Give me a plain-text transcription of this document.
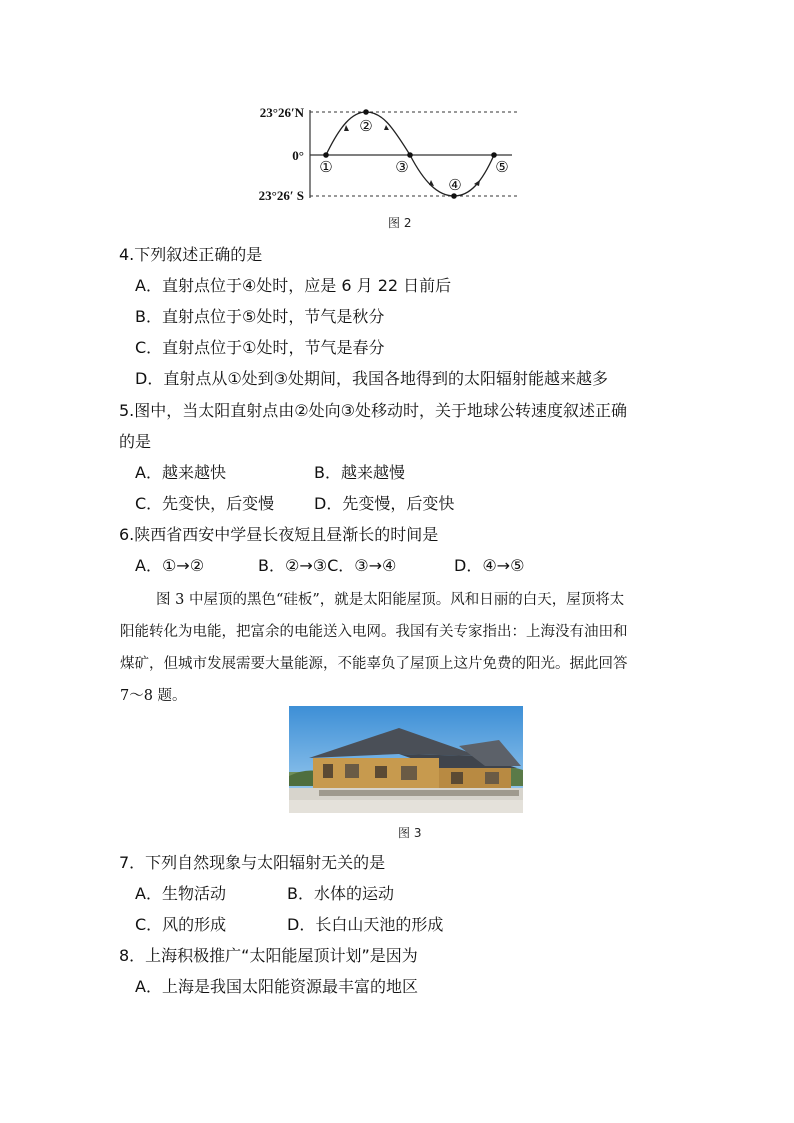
23°26′N
0°
23°26′ S
①
②
③
④
⑤
图 2
4.下列叙述正确的是
A．直射点位于④处时，应是 6 月 22 日前后
B．直射点位于⑤处时，节气是秋分
C．直射点位于①处时，节气是春分
D．直射点从①处到③处期间，我国各地得到的太阳辐射能越来越多
5.图中，当太阳直射点由②处向③处移动时，关于地球公转速度叙述正确
的是
A．越来越快	B．越来越慢
C．先变快，后变慢 D．先变慢，后变快
6.陕西省西安中学昼长夜短且昼渐长的时间是
A．①→②	B．②→③C．③→④	D．④→⑤
图 3 中屋顶的黑色“硅板”，就是太阳能屋顶。风和日丽的白天，屋顶将太
阳能转化为电能，把富余的电能送入电网。我国有关专家指出：上海没有油田和
煤矿，但城市发展需要大量能源，不能辜负了屋顶上这片免费的阳光。据此回答
7～8 题。
图 3
7．下列自然现象与太阳辐射无关的是
A．生物活动	B．水体的运动
C．风的形成	D．长白山天池的形成
8．上海积极推广“太阳能屋顶计划”是因为
A．上海是我国太阳能资源最丰富的地区
